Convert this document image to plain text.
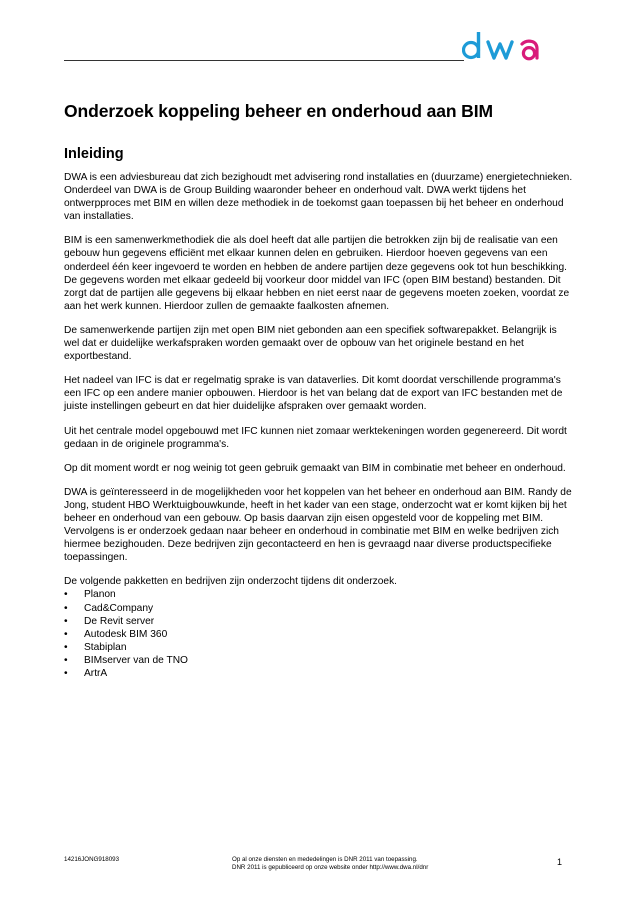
Onderzoek koppeling beheer en onderhoud aan BIM
Inleiding

DWA is een adviesbureau dat zich bezighoudt met advisering rond installaties en (duurzame) energietechnieken. Onderdeel van DWA is de Group Building waaronder beheer en onderhoud valt. DWA werkt tijdens het ontwerpproces met BIM en willen deze methodiek in de toekomst gaan toepassen bij het beheer en onderhoud van installaties.

BIM is een samenwerkmethodiek die als doel heeft dat alle partijen die betrokken zijn bij de realisatie van een gebouw hun gegevens efficiënt met elkaar kunnen delen en gebruiken. Hierdoor hoeven gegevens van een onderdeel één keer ingevoerd te worden en hebben de andere partijen deze gegevens ook tot hun beschikking. De gegevens worden met elkaar gedeeld bij voorkeur door middel van IFC (open BIM bestand) bestanden. Dit zorgt dat de partijen alle gegevens bij elkaar hebben en niet eerst naar de gegevens moeten zoeken, voordat ze aan het werk kunnen. Hierdoor zullen de gemaakte faalkosten afnemen.

De samenwerkende partijen zijn met open BIM niet gebonden aan een specifiek softwarepakket. Belangrijk is wel dat er duidelijke werkafspraken worden gemaakt over de opbouw van het originele bestand en het exportbestand.

Het nadeel van IFC is dat er regelmatig sprake is van dataverlies. Dit komt doordat verschillende programma's een IFC op een andere manier opbouwen. Hierdoor is het van belang dat de export van IFC bestanden met de juiste instellingen gebeurt en dat hier duidelijke afspraken over gemaakt worden.

Uit het centrale model opgebouwd met IFC kunnen niet zomaar werktekeningen worden gegenereerd. Dit wordt gedaan in de originele programma's.

Op dit moment wordt er nog weinig tot geen gebruik gemaakt van BIM in combinatie met beheer en onderhoud.

DWA is geïnteresseerd in de mogelijkheden voor het koppelen van het beheer en onderhoud aan BIM. Randy de Jong, student HBO Werktuigbouwkunde, heeft in het kader van een stage, onderzocht wat er komt kijken bij het beheer en onderhoud van een gebouw. Op basis daarvan zijn eisen opgesteld voor de koppeling met BIM. Vervolgens is er onderzoek gedaan naar beheer en onderhoud in combinatie met BIM en welke bedrijven zich hiermee bezighouden. Deze bedrijven zijn gecontacteerd en hen is gevraagd naar diverse productspecifieke toepassingen.

De volgende pakketten en bedrijven zijn onderzocht tijdens dit onderzoek.

• Planon
• Cad&Company
• De Revit server
• Autodesk BIM 360
• Stabiplan
• BIMserver van de TNO
• ArtrA
14216JONG918093	Op al onze diensten en mededelingen is DNR 2011 van toepassing.
DNR 2011 is gepubliceerd op onze website onder http://www.dwa.nl/dnr
1
